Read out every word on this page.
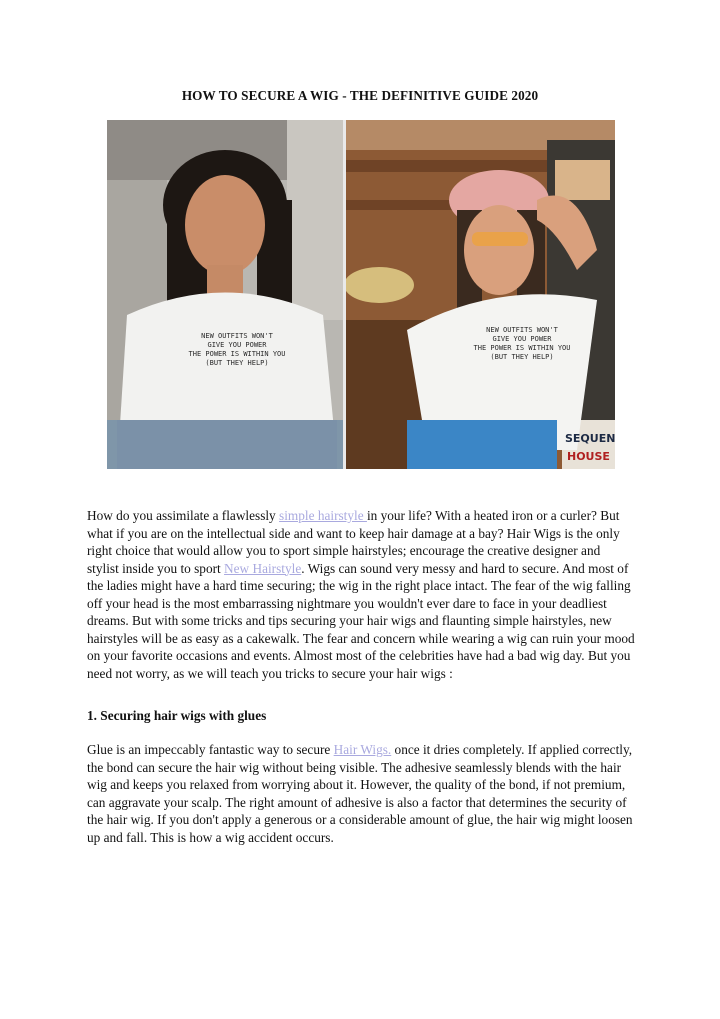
HOW TO SECURE A WIG - THE DEFINITIVE GUIDE 2020
NEW OUTFITS WON'T
GIVE YOU POWER
THE POWER IS WITHIN YOU
(BUT THEY HELP)
NEW OUTFITS WON'T
GIVE YOU POWER
THE POWER IS WITHIN YOU
(BUT THEY HELP)
SEQUEN
HOUSE

How do you assimilate a flawlessly simple hairstyle in your life? With a heated iron or a curler? But what if you are on the intellectual side and want to keep hair damage at a bay? Hair Wigs is the only right choice that would allow you to sport simple hairstyles; encourage the creative designer and stylist inside you to sport New Hairstyle. Wigs can sound very messy and hard to secure. And most of the ladies might have a hard time securing; the wig in the right place intact. The fear of the wig falling off your head is the most embarrassing nightmare you wouldn't ever dare to face in your deadliest dreams. But with some tricks and tips securing your hair wigs and flaunting simple hairstyles, new hairstyles will be as easy as a cakewalk. The fear and concern while wearing a wig can ruin your mood on your favorite occasions and events. Almost most of the celebrities have had a bad wig day. But you need not worry, as we will teach you tricks to secure your hair wigs :

1. Securing hair wigs with glues

Glue is an impeccably fantastic way to secure Hair Wigs. once it dries completely. If applied correctly, the bond can secure the hair wig without being visible. The adhesive seamlessly blends with the hair wig and keeps you relaxed from worrying about it. However, the quality of the bond, if not premium, can aggravate your scalp. The right amount of adhesive is also a factor that determines the security of the hair wig. If you don't apply a generous or a considerable amount of glue, the hair wig might loosen up and fall. This is how a wig accident occurs.
